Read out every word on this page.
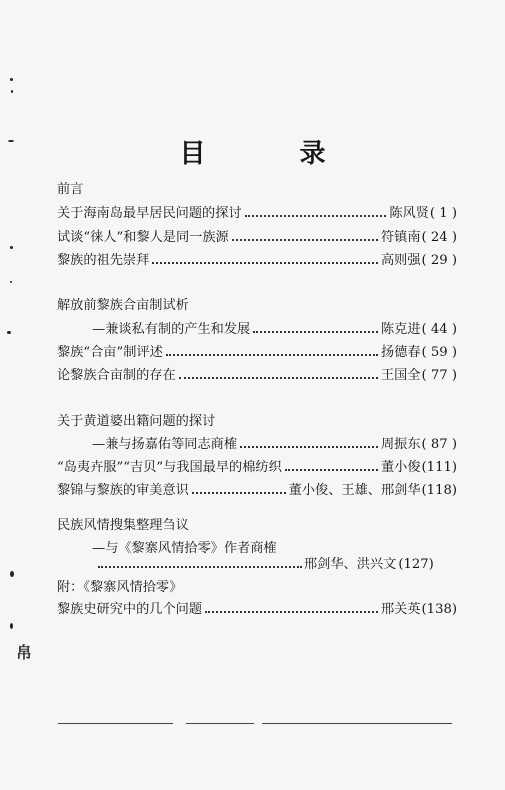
目　录
前言
关于海南岛最早居民问题的探讨	陈风贤 ( 1 )
试谈“徕人”和黎人是同一族源	符镇南 ( 24 )
黎族的祖先崇拜	高则强 ( 29 )
解放前黎族合亩制试析
—兼谈私有制的产生和发展	陈克进 ( 44 )
黎族“合亩”制评述	扬德春 ( 59 )
论黎族合亩制的存在	王国全 ( 77 )
关于黄道婆出籍问题的探讨
—兼与扬嘉佑等同志商榷	周振东 ( 87 )
“岛夷卉服”“吉贝”与我国最早的棉纺织	董小俊 (111)
黎锦与黎族的审美意识	董小俊、王雄、邢剑华 (118)
民族风情搜集整理刍议
—与《黎寨风情拾零》作者商榷
邢剑华、洪兴文 (127)
附：《黎寨风情拾零》
黎族史研究中的几个问题	邢关英 (138)
帛
